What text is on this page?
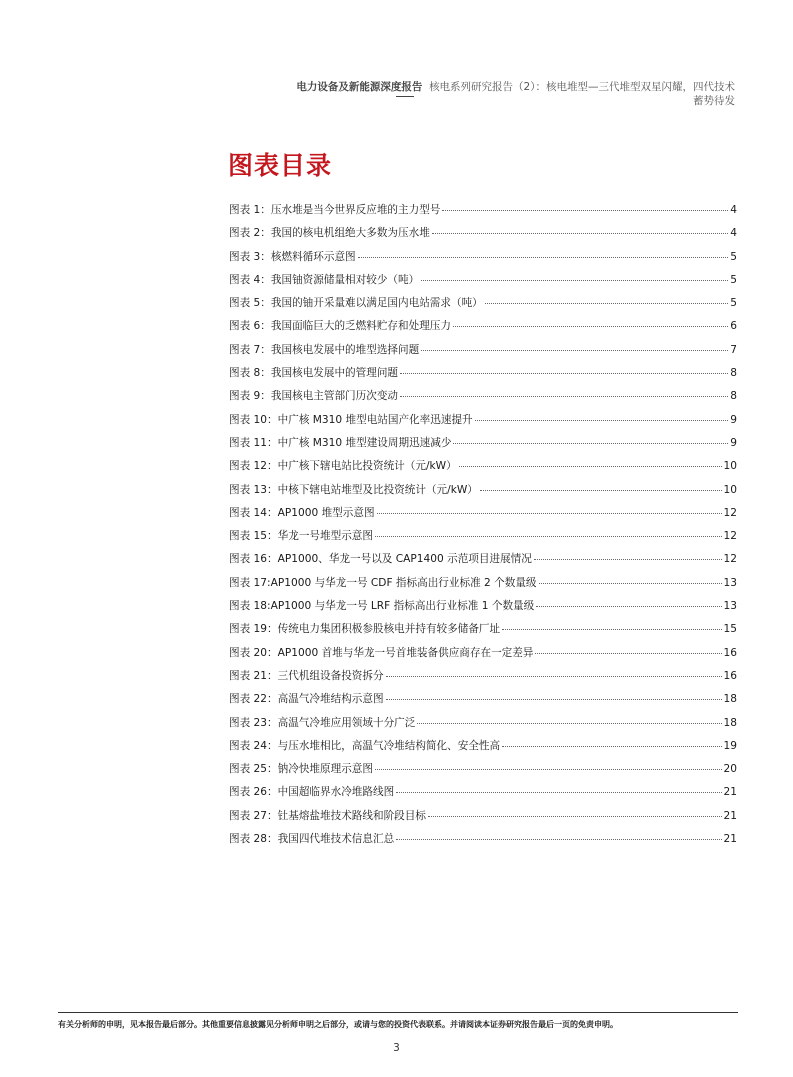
电力设备及新能源深度报告 核电系列研究报告（2）：核电堆型—三代堆型双星闪耀，四代技术
蓄势待发
图表目录
图表 1：压水堆是当今世界反应堆的主力型号	4
图表 2：我国的核电机组绝大多数为压水堆	4
图表 3：核燃料循环示意图	5
图表 4：我国铀资源储量相对较少（吨）	5
图表 5：我国的铀开采量难以满足国内电站需求（吨）	5
图表 6：我国面临巨大的乏燃料贮存和处理压力	6
图表 7：我国核电发展中的堆型选择问题	7
图表 8：我国核电发展中的管理问题	8
图表 9：我国核电主管部门历次变动	8
图表 10：中广核 M310 堆型电站国产化率迅速提升	9
图表 11：中广核 M310 堆型建设周期迅速减少	9
图表 12：中广核下辖电站比投资统计（元/kW）	10
图表 13：中核下辖电站堆型及比投资统计（元/kW）	10
图表 14：AP1000 堆型示意图	12
图表 15：华龙一号堆型示意图	12
图表 16：AP1000、华龙一号以及 CAP1400 示范项目进展情况	12
图表 17:AP1000 与华龙一号 CDF 指标高出行业标准 2 个数量级	13
图表 18:AP1000 与华龙一号 LRF 指标高出行业标准 1 个数量级	13
图表 19：传统电力集团积极参股核电并持有较多储备厂址	15
图表 20：AP1000 首堆与华龙一号首堆装备供应商存在一定差异	16
图表 21：三代机组设备投资拆分	16
图表 22：高温气冷堆结构示意图	18
图表 23：高温气冷堆应用领域十分广泛	18
图表 24：与压水堆相比，高温气冷堆结构简化、安全性高	19
图表 25：钠冷快堆原理示意图	20
图表 26：中国超临界水冷堆路线图	21
图表 27：钍基熔盐堆技术路线和阶段目标	21
图表 28：我国四代堆技术信息汇总	21
有关分析师的申明，见本报告最后部分。其他重要信息披露见分析师申明之后部分，或请与您的投资代表联系。并请阅读本证券研究报告最后一页的免责申明。
3
